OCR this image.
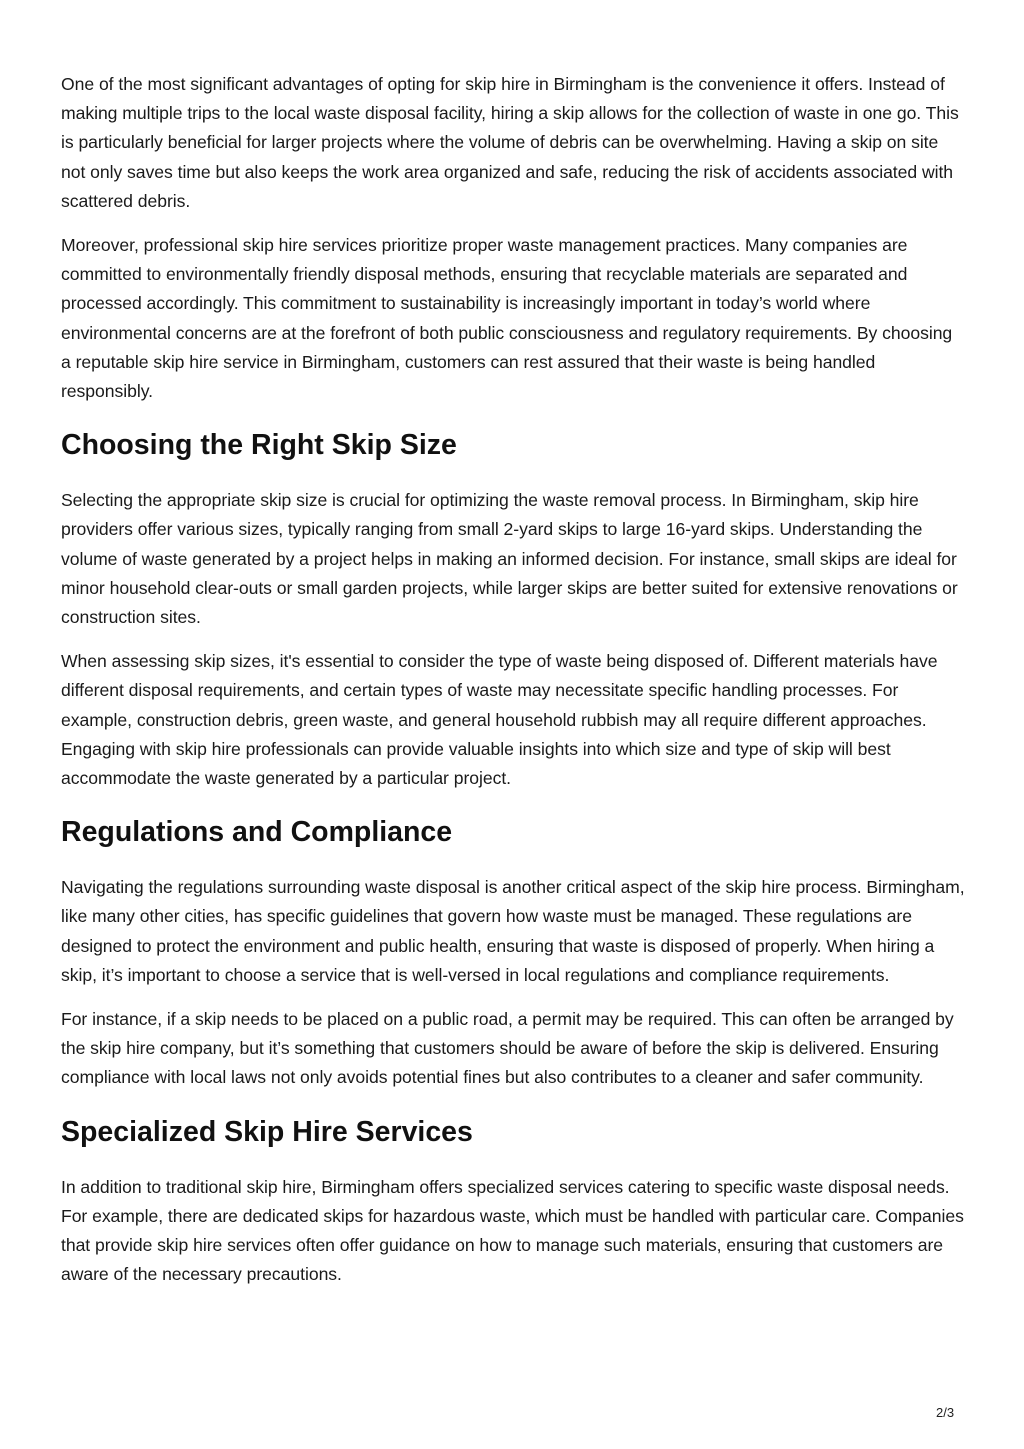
One of the most significant advantages of opting for skip hire in Birmingham is the convenience it offers. Instead of making multiple trips to the local waste disposal facility, hiring a skip allows for the collection of waste in one go. This is particularly beneficial for larger projects where the volume of debris can be overwhelming. Having a skip on site not only saves time but also keeps the work area organized and safe, reducing the risk of accidents associated with scattered debris.

Moreover, professional skip hire services prioritize proper waste management practices. Many companies are committed to environmentally friendly disposal methods, ensuring that recyclable materials are separated and processed accordingly. This commitment to sustainability is increasingly important in today’s world where environmental concerns are at the forefront of both public consciousness and regulatory requirements. By choosing a reputable skip hire service in Birmingham, customers can rest assured that their waste is being handled responsibly.

Choosing the Right Skip Size

Selecting the appropriate skip size is crucial for optimizing the waste removal process. In Birmingham, skip hire providers offer various sizes, typically ranging from small 2-yard skips to large 16-yard skips. Understanding the volume of waste generated by a project helps in making an informed decision. For instance, small skips are ideal for minor household clear-outs or small garden projects, while larger skips are better suited for extensive renovations or construction sites.

When assessing skip sizes, it's essential to consider the type of waste being disposed of. Different materials have different disposal requirements, and certain types of waste may necessitate specific handling processes. For example, construction debris, green waste, and general household rubbish may all require different approaches. Engaging with skip hire professionals can provide valuable insights into which size and type of skip will best accommodate the waste generated by a particular project.

Regulations and Compliance

Navigating the regulations surrounding waste disposal is another critical aspect of the skip hire process. Birmingham, like many other cities, has specific guidelines that govern how waste must be managed. These regulations are designed to protect the environment and public health, ensuring that waste is disposed of properly. When hiring a skip, it’s important to choose a service that is well-versed in local regulations and compliance requirements.

For instance, if a skip needs to be placed on a public road, a permit may be required. This can often be arranged by the skip hire company, but it’s something that customers should be aware of before the skip is delivered. Ensuring compliance with local laws not only avoids potential fines but also contributes to a cleaner and safer community.

Specialized Skip Hire Services

In addition to traditional skip hire, Birmingham offers specialized services catering to specific waste disposal needs. For example, there are dedicated skips for hazardous waste, which must be handled with particular care. Companies that provide skip hire services often offer guidance on how to manage such materials, ensuring that customers are aware of the necessary precautions.

2/3
